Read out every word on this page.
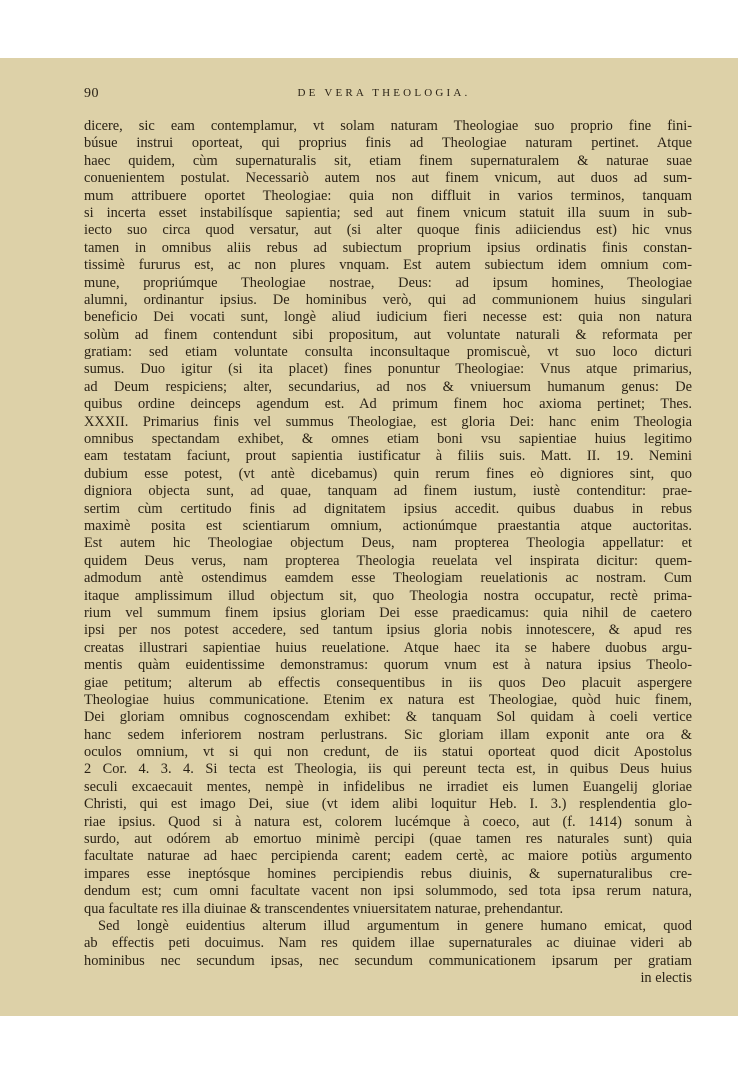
90	DE VERA THEOLOGIA.
dicere, sic eam contemplamur, vt solam naturam Theologiae suo proprio fine fini-
búsue instrui oporteat, qui proprius finis ad Theologiae naturam pertinet. Atque
haec quidem, cùm supernaturalis sit, etiam finem supernaturalem & naturae suae
conuenientem postulat. Necessariò autem nos aut finem vnicum, aut duos ad sum-
mum attribuere oportet Theologiae: quia non diffluit in varios terminos, tanquam
si incerta esset instabilísque sapientia; sed aut finem vnicum statuit illa suum in sub-
iecto suo circa quod versatur, aut (si alter quoque finis adiiciendus est) hic vnus
tamen in omnibus aliis rebus ad subiectum proprium ipsius ordinatis finis constan-
tissimè fururus est, ac non plures vnquam. Est autem subiectum idem omnium com-
mune, propriúmque Theologiae nostrae, Deus: ad ipsum homines, Theologiae
alumni, ordinantur ipsius. De hominibus verò, qui ad communionem huius singulari
beneficio Dei vocati sunt, longè aliud iudicium fieri necesse est: quia non natura
solùm ad finem contendunt sibi propositum, aut voluntate naturali & reformata per
gratiam: sed etiam voluntate consulta inconsultaque promiscuè, vt suo loco dicturi
sumus. Duo igitur (si ita placet) fines ponuntur Theologiae: Vnus atque primarius,
ad Deum respiciens; alter, secundarius, ad nos & vniuersum humanum genus: De
quibus ordine deinceps agendum est. Ad primum finem hoc axioma pertinet; Thes.
XXXII. Primarius finis vel summus Theologiae, est gloria Dei: hanc enim Theologia
omnibus spectandam exhibet, & omnes etiam boni vsu sapientiae huius legitimo
eam testatam faciunt, prout sapientia iustificatur à filiis suis. Matt. II. 19. Nemini
dubium esse potest, (vt antè dicebamus) quin rerum fines eò digniores sint, quo
digniora objecta sunt, ad quae, tanquam ad finem iustum, iustè contenditur: prae-
sertim cùm certitudo finis ad dignitatem ipsius accedit. quibus duabus in rebus
maximè posita est scientiarum omnium, actionúmque praestantia atque auctoritas.
Est autem hic Theologiae objectum Deus, nam propterea Theologia appellatur: et
quidem Deus verus, nam propterea Theologia reuelata vel inspirata dicitur: quem-
admodum antè ostendimus eamdem esse Theologiam reuelationis ac nostram. Cum
itaque amplissimum illud objectum sit, quo Theologia nostra occupatur, rectè prima-
rium vel summum finem ipsius gloriam Dei esse praedicamus: quia nihil de caetero
ipsi per nos potest accedere, sed tantum ipsius gloria nobis innotescere, & apud res
creatas illustrari sapientiae huius reuelatione. Atque haec ita se habere duobus argu-
mentis quàm euidentissime demonstramus: quorum vnum est à natura ipsius Theolo-
giae petitum; alterum ab effectis consequentibus in iis quos Deo placuit aspergere
Theologiae huius communicatione. Etenim ex natura est Theologiae, quòd huic finem,
Dei gloriam omnibus cognoscendam exhibet: & tanquam Sol quidam à coeli vertice
hanc sedem inferiorem nostram perlustrans. Sic gloriam illam exponit ante ora &
oculos omnium, vt si qui non credunt, de iis statui oporteat quod dicit Apostolus
2 Cor. 4. 3. 4. Si tecta est Theologia, iis qui pereunt tecta est, in quibus Deus huius
seculi excaecauit mentes, nempè in infidelibus ne irradiet eis lumen Euangelij gloriae
Christi, qui est imago Dei, siue (vt idem alibi loquitur Heb. I. 3.) resplendentia glo-
riae ipsius. Quod si à natura est, colorem lucémque à coeco, aut (f. 1414) sonum à
surdo, aut odórem ab emortuo minimè percipi (quae tamen res naturales sunt) quia
facultate naturae ad haec percipienda carent; eadem certè, ac maiore potiùs argumento
impares esse ineptósque homines percipiendis rebus diuinis, & supernaturalibus cre-
dendum est; cum omni facultate vacent non ipsi solummodo, sed tota ipsa rerum natura,
qua facultate res illa diuinae & transcendentes vniuersitatem naturae, prehendantur.
Sed longè euidentius alterum illud argumentum in genere humano emicat, quod
ab effectis peti docuimus. Nam res quidem illae supernaturales ac diuinae videri ab
hominibus nec secundum ipsas, nec secundum communicationem ipsarum per gratiam
in electis
